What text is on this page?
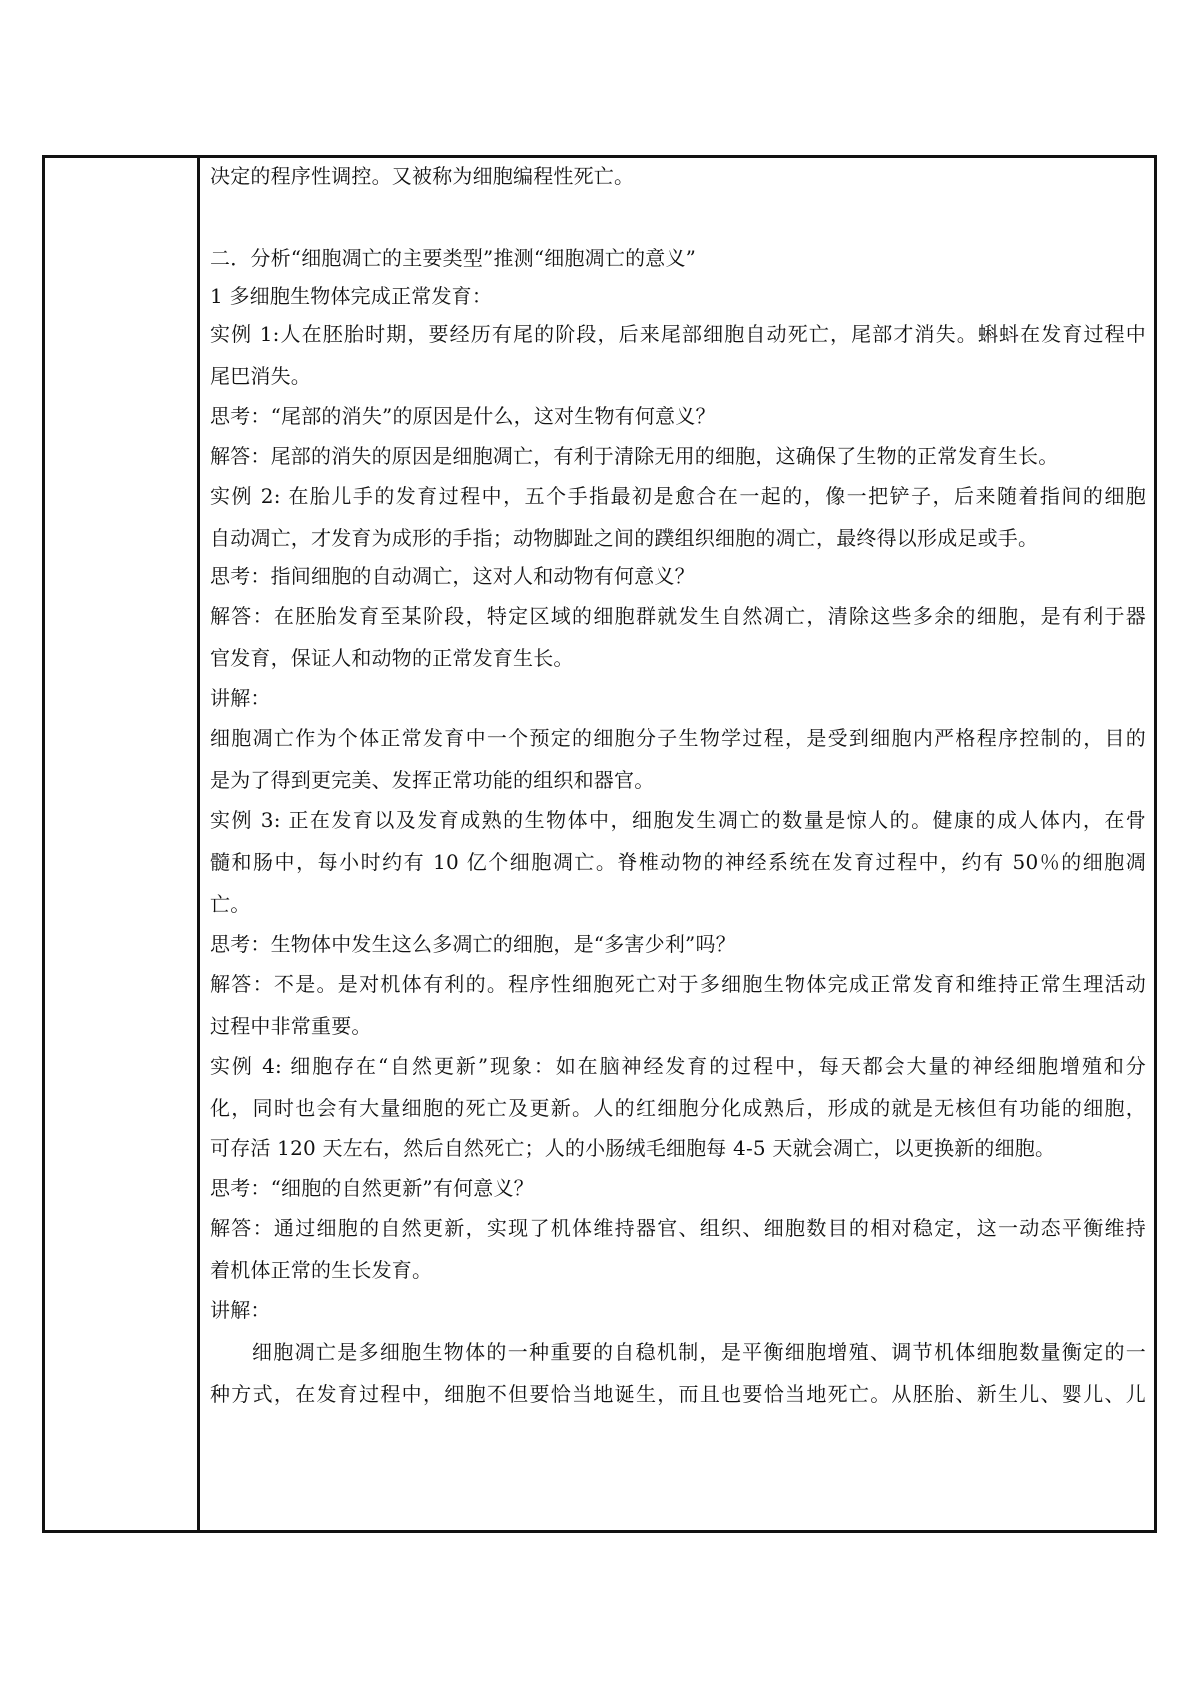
决定的程序性调控。又被称为细胞编程性死亡。
二．分析“细胞凋亡的主要类型”推测“细胞凋亡的意义”
1 多细胞生物体完成正常发育：
实例 1:人在胚胎时期，要经历有尾的阶段，后来尾部细胞自动死亡，尾部才消失。蝌蚪在发育过程中
尾巴消失。
思考：“尾部的消失”的原因是什么，这对生物有何意义？
解答：尾部的消失的原因是细胞凋亡，有利于清除无用的细胞，这确保了生物的正常发育生长。
实例 2: 在胎儿手的发育过程中，五个手指最初是愈合在一起的，像一把铲子，后来随着指间的细胞
自动凋亡，才发育为成形的手指；动物脚趾之间的蹼组织细胞的凋亡，最终得以形成足或手。
思考：指间细胞的自动凋亡，这对人和动物有何意义？
解答：在胚胎发育至某阶段，特定区域的细胞群就发生自然凋亡，清除这些多余的细胞，是有利于器
官发育，保证人和动物的正常发育生长。
讲解：
细胞凋亡作为个体正常发育中一个预定的细胞分子生物学过程，是受到细胞内严格程序控制的，目的
是为了得到更完美、发挥正常功能的组织和器官。
实例 3: 正在发育以及发育成熟的生物体中，细胞发生凋亡的数量是惊人的。健康的成人体内，在骨
髓和肠中，每小时约有 10 亿个细胞凋亡。脊椎动物的神经系统在发育过程中，约有 50％的细胞凋
亡。
思考：生物体中发生这么多凋亡的细胞，是“多害少利”吗？
解答：不是。是对机体有利的。程序性细胞死亡对于多细胞生物体完成正常发育和维持正常生理活动
过程中非常重要。
实例 4: 细胞存在“自然更新”现象：如在脑神经发育的过程中，每天都会大量的神经细胞增殖和分
化，同时也会有大量细胞的死亡及更新。人的红细胞分化成熟后，形成的就是无核但有功能的细胞，
可存活 120 天左右，然后自然死亡；人的小肠绒毛细胞每 4-5 天就会凋亡，以更换新的细胞。
思考：“细胞的自然更新”有何意义？
解答：通过细胞的自然更新，实现了机体维持器官、组织、细胞数目的相对稳定，这一动态平衡维持
着机体正常的生长发育。
讲解：
细胞凋亡是多细胞生物体的一种重要的自稳机制，是平衡细胞增殖、调节机体细胞数量衡定的一
种方式，在发育过程中，细胞不但要恰当地诞生，而且也要恰当地死亡。从胚胎、新生儿、婴儿、儿
